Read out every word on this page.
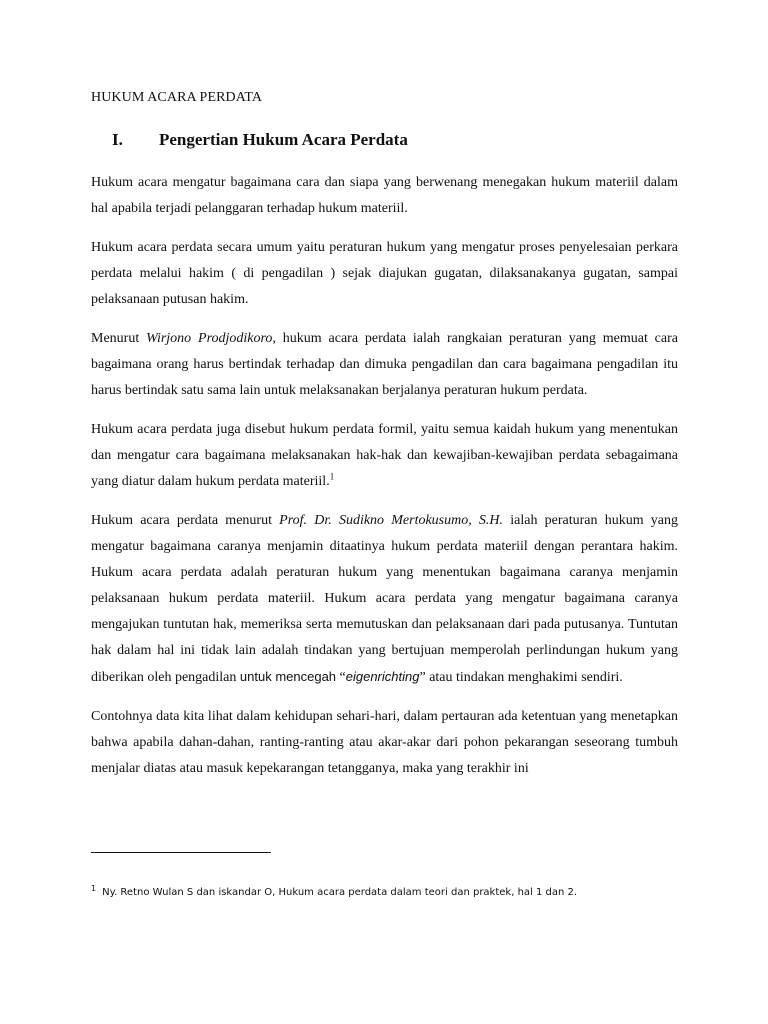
HUKUM ACARA PERDATA
I. Pengertian Hukum Acara Perdata

Hukum acara mengatur bagaimana cara dan siapa yang berwenang menegakan hukum materiil dalam hal apabila terjadi pelanggaran terhadap hukum materiil.

Hukum acara perdata secara umum yaitu peraturan hukum yang mengatur proses penyelesaian perkara perdata melalui hakim ( di pengadilan ) sejak diajukan gugatan, dilaksanakanya gugatan, sampai pelaksanaan putusan hakim.

Menurut Wirjono Prodjodikoro, hukum acara perdata ialah rangkaian peraturan yang memuat cara bagaimana orang harus bertindak terhadap dan dimuka pengadilan dan cara bagaimana pengadilan itu harus bertindak satu sama lain untuk melaksanakan berjalanya peraturan hukum perdata.

Hukum acara perdata juga disebut hukum perdata formil, yaitu semua kaidah hukum yang menentukan dan mengatur cara bagaimana melaksanakan hak-hak dan kewajiban-kewajiban perdata sebagaimana yang diatur dalam hukum perdata materiil.$^1$

Hukum acara perdata menurut Prof. Dr. Sudikno Mertokusumo, S.H. ialah peraturan hukum yang mengatur bagaimana caranya menjamin ditaatinya hukum perdata materiil dengan perantara hakim. Hukum acara perdata adalah peraturan hukum yang menentukan bagaimana caranya menjamin pelaksanaan hukum perdata materiil. Hukum acara perdata yang mengatur bagaimana caranya mengajukan tuntutan hak, memeriksa serta memutuskan dan pelaksanaan dari pada putusanya. Tuntutan hak dalam hal ini tidak lain adalah tindakan yang bertujuan memperolah perlindungan hukum yang diberikan oleh pengadilan untuk mencegah “eigenrichting” atau tindakan menghakimi sendiri.

Contohnya data kita lihat dalam kehidupan sehari-hari, dalam pertauran ada ketentuan yang menetapkan bahwa apabila dahan-dahan, ranting-ranting atau akar-akar dari pohon pekarangan seseorang tumbuh menjalar diatas atau masuk kepekarangan tetangganya, maka yang terakhir ini

$^1$ Ny. Retno Wulan S dan iskandar O, Hukum acara perdata dalam teori dan praktek, hal 1 dan 2.
